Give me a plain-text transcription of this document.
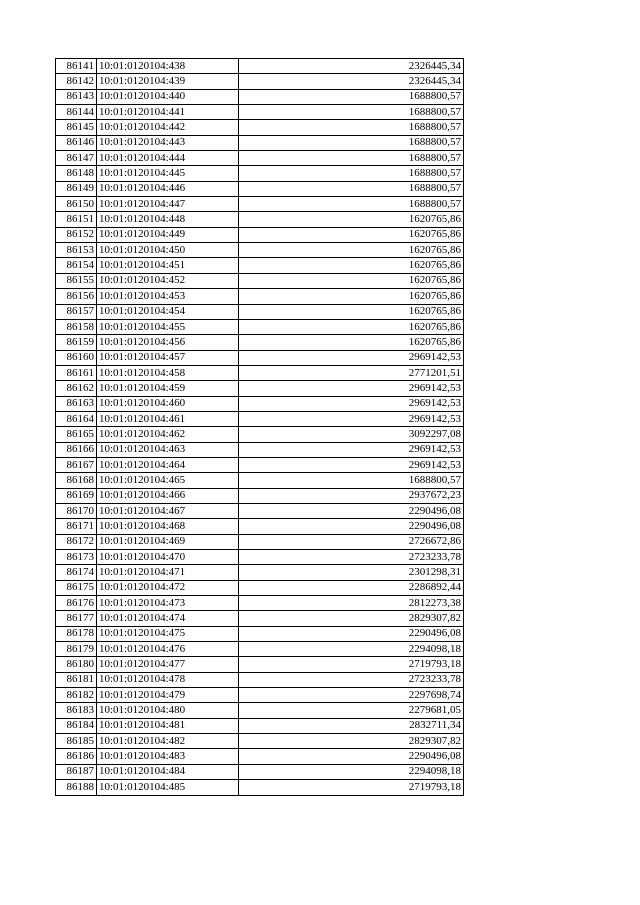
86141	10:01:0120104:438	2326445,34
86142	10:01:0120104:439	2326445,34
86143	10:01:0120104:440	1688800,57
86144	10:01:0120104:441	1688800,57
86145	10:01:0120104:442	1688800,57
86146	10:01:0120104:443	1688800,57
86147	10:01:0120104:444	1688800,57
86148	10:01:0120104:445	1688800,57
86149	10:01:0120104:446	1688800,57
86150	10:01:0120104:447	1688800,57
86151	10:01:0120104:448	1620765,86
86152	10:01:0120104:449	1620765,86
86153	10:01:0120104:450	1620765,86
86154	10:01:0120104:451	1620765,86
86155	10:01:0120104:452	1620765,86
86156	10:01:0120104:453	1620765,86
86157	10:01:0120104:454	1620765,86
86158	10:01:0120104:455	1620765,86
86159	10:01:0120104:456	1620765,86
86160	10:01:0120104:457	2969142,53
86161	10:01:0120104:458	2771201,51
86162	10:01:0120104:459	2969142,53
86163	10:01:0120104:460	2969142,53
86164	10:01:0120104:461	2969142,53
86165	10:01:0120104:462	3092297,08
86166	10:01:0120104:463	2969142,53
86167	10:01:0120104:464	2969142,53
86168	10:01:0120104:465	1688800,57
86169	10:01:0120104:466	2937672,23
86170	10:01:0120104:467	2290496,08
86171	10:01:0120104:468	2290496,08
86172	10:01:0120104:469	2726672,86
86173	10:01:0120104:470	2723233,78
86174	10:01:0120104:471	2301298,31
86175	10:01:0120104:472	2286892,44
86176	10:01:0120104:473	2812273,38
86177	10:01:0120104:474	2829307,82
86178	10:01:0120104:475	2290496,08
86179	10:01:0120104:476	2294098,18
86180	10:01:0120104:477	2719793,18
86181	10:01:0120104:478	2723233,78
86182	10:01:0120104:479	2297698,74
86183	10:01:0120104:480	2279681,05
86184	10:01:0120104:481	2832711,34
86185	10:01:0120104:482	2829307,82
86186	10:01:0120104:483	2290496,08
86187	10:01:0120104:484	2294098,18
86188	10:01:0120104:485	2719793,18
